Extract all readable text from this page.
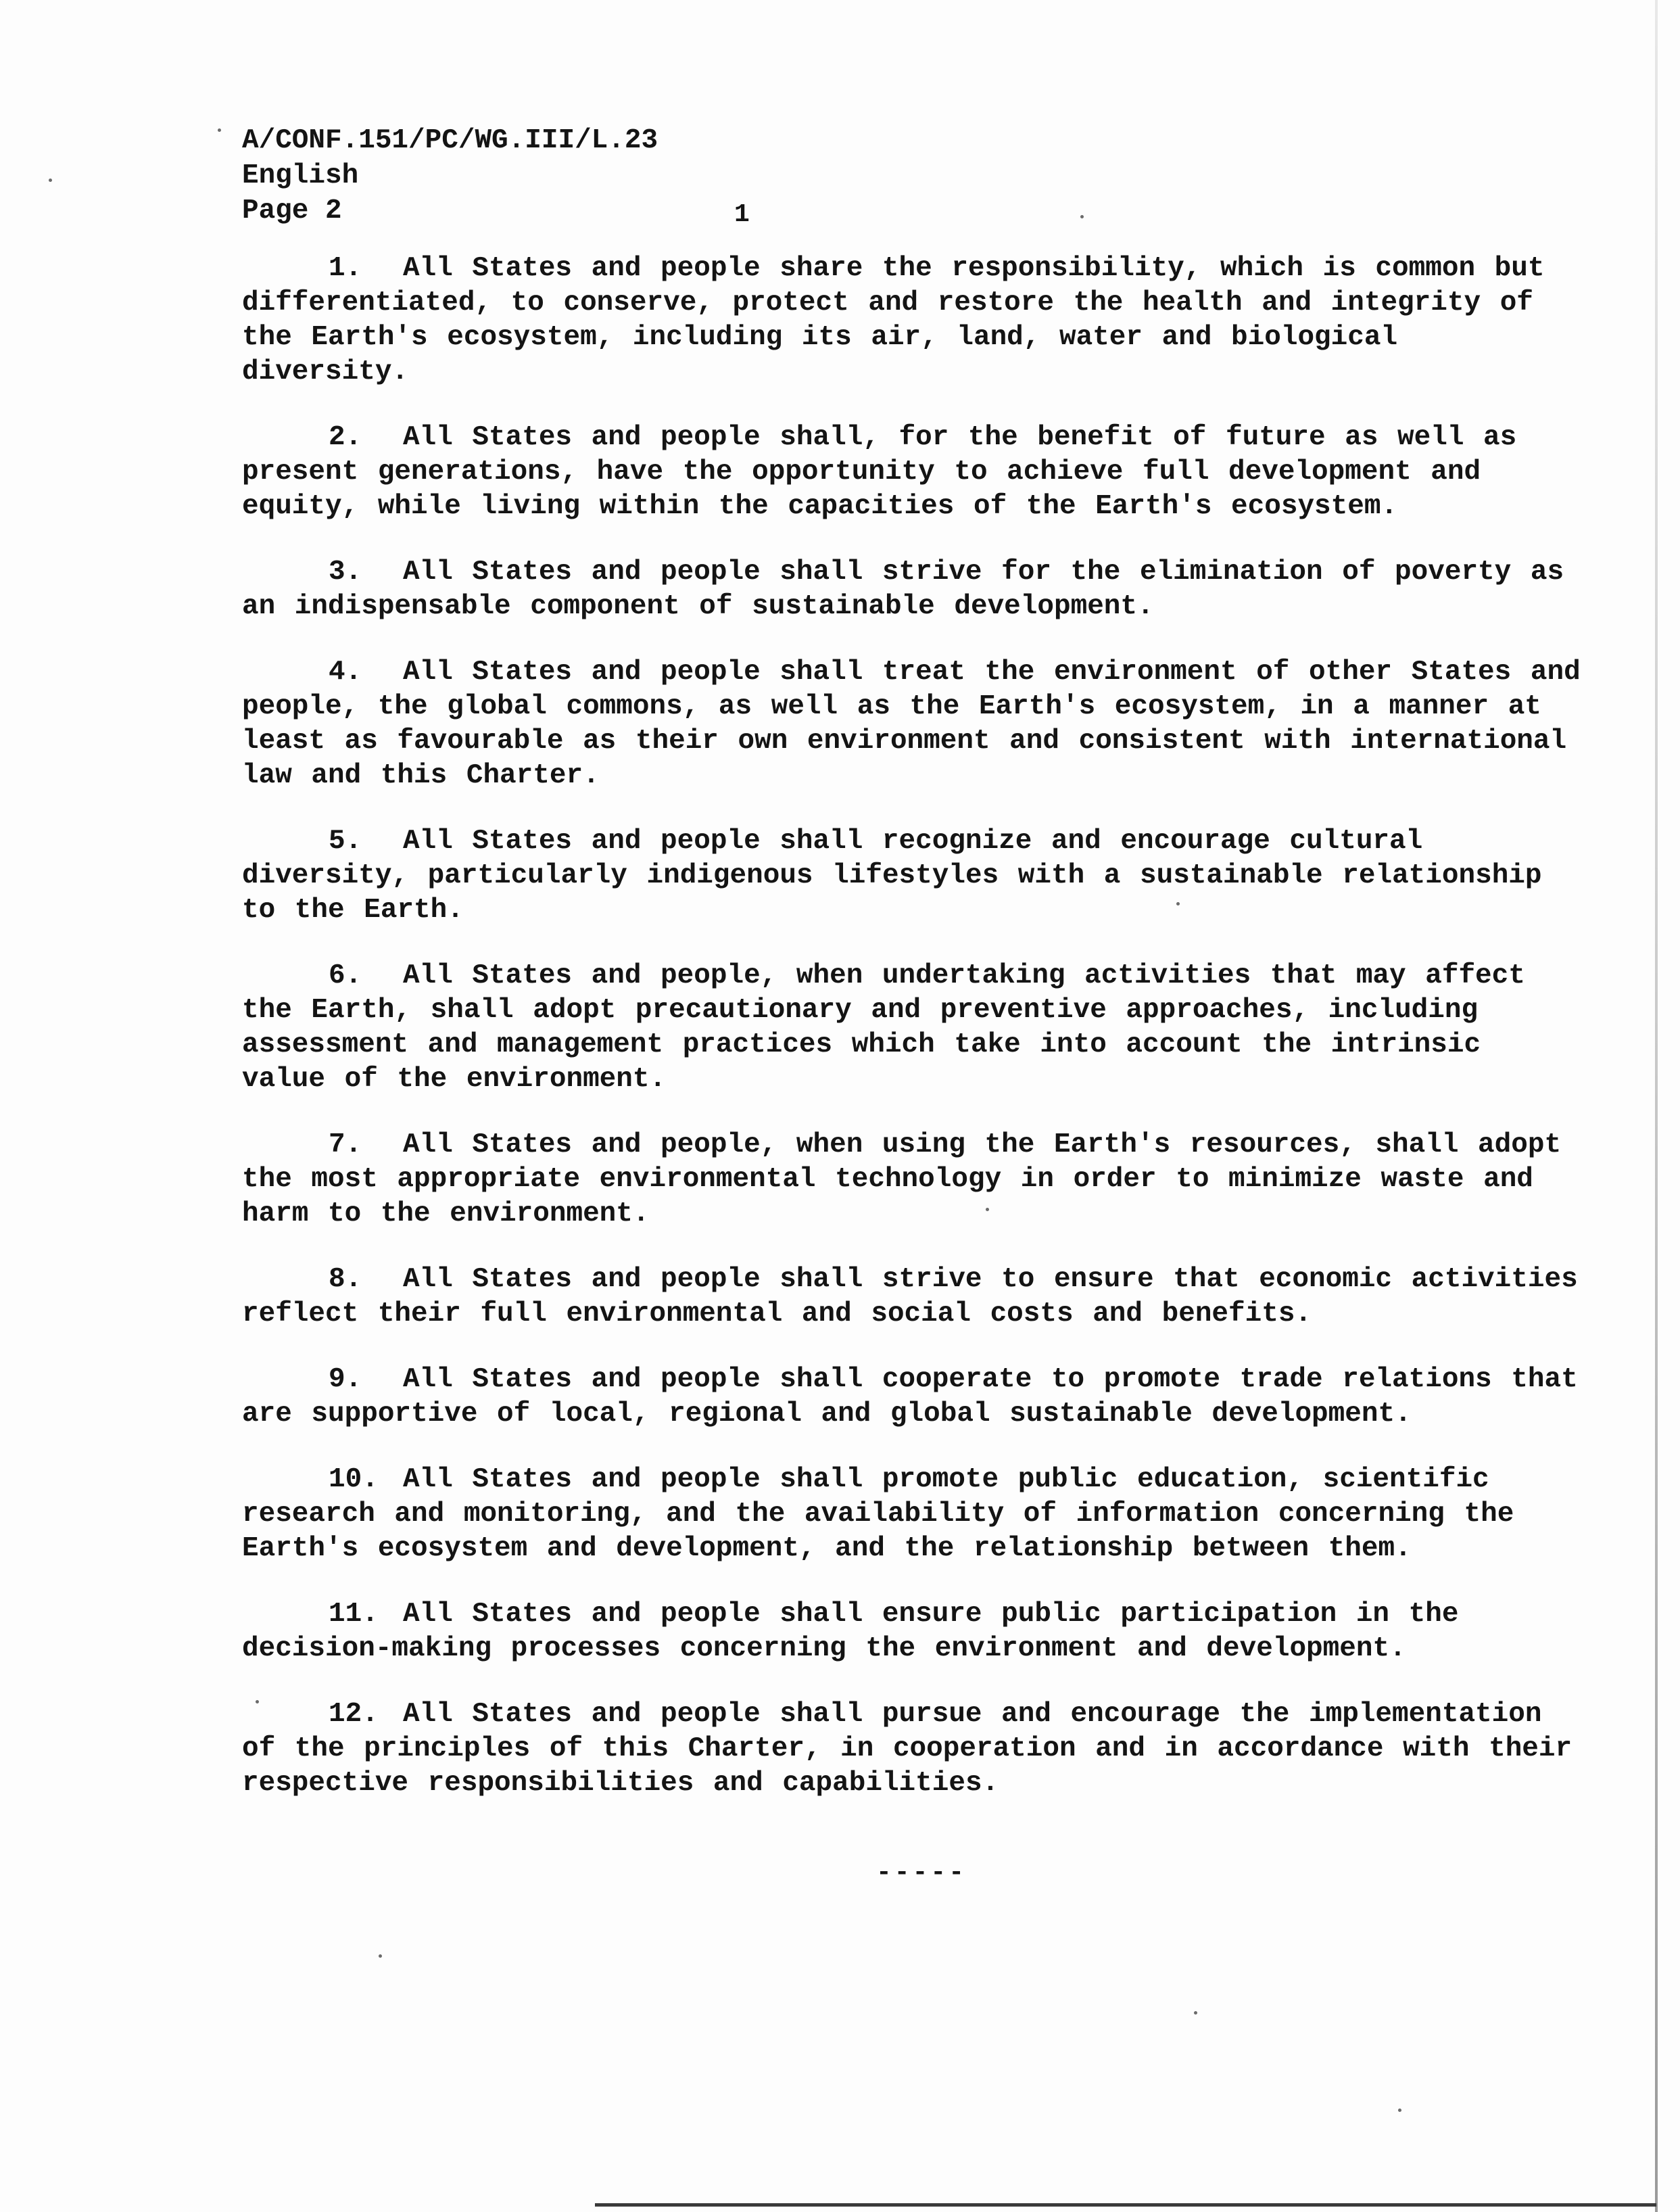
A/CONF.151/PC/WG.III/L.23
English
Page 2	1

1. All States and people share the responsibility, which is common but differentiated, to conserve, protect and restore the health and integrity of the Earth's ecosystem, including its air, land, water and biological diversity.

2. All States and people shall, for the benefit of future as well as present generations, have the opportunity to achieve full development and equity, while living within the capacities of the Earth's ecosystem.

3. All States and people shall strive for the elimination of poverty as an indispensable component of sustainable development.

4. All States and people shall treat the environment of other States and people, the global commons, as well as the Earth's ecosystem, in a manner at least as favourable as their own environment and consistent with international law and this Charter.

5. All States and people shall recognize and encourage cultural diversity, particularly indigenous lifestyles with a sustainable relationship to the Earth.

6. All States and people, when undertaking activities that may affect the Earth, shall adopt precautionary and preventive approaches, including assessment and management practices which take into account the intrinsic value of the environment.

7. All States and people, when using the Earth's resources, shall adopt the most appropriate environmental technology in order to minimize waste and harm to the environment.

8. All States and people shall strive to ensure that economic activities reflect their full environmental and social costs and benefits.

9. All States and people shall cooperate to promote trade relations that are supportive of local, regional and global sustainable development.

10. All States and people shall promote public education, scientific research and monitoring, and the availability of information concerning the Earth's ecosystem and development, and the relationship between them.

11. All States and people shall ensure public participation in the decision-making processes concerning the environment and development.

12. All States and people shall pursue and encourage the implementation of the principles of this Charter, in cooperation and in accordance with their respective responsibilities and capabilities.

-----
